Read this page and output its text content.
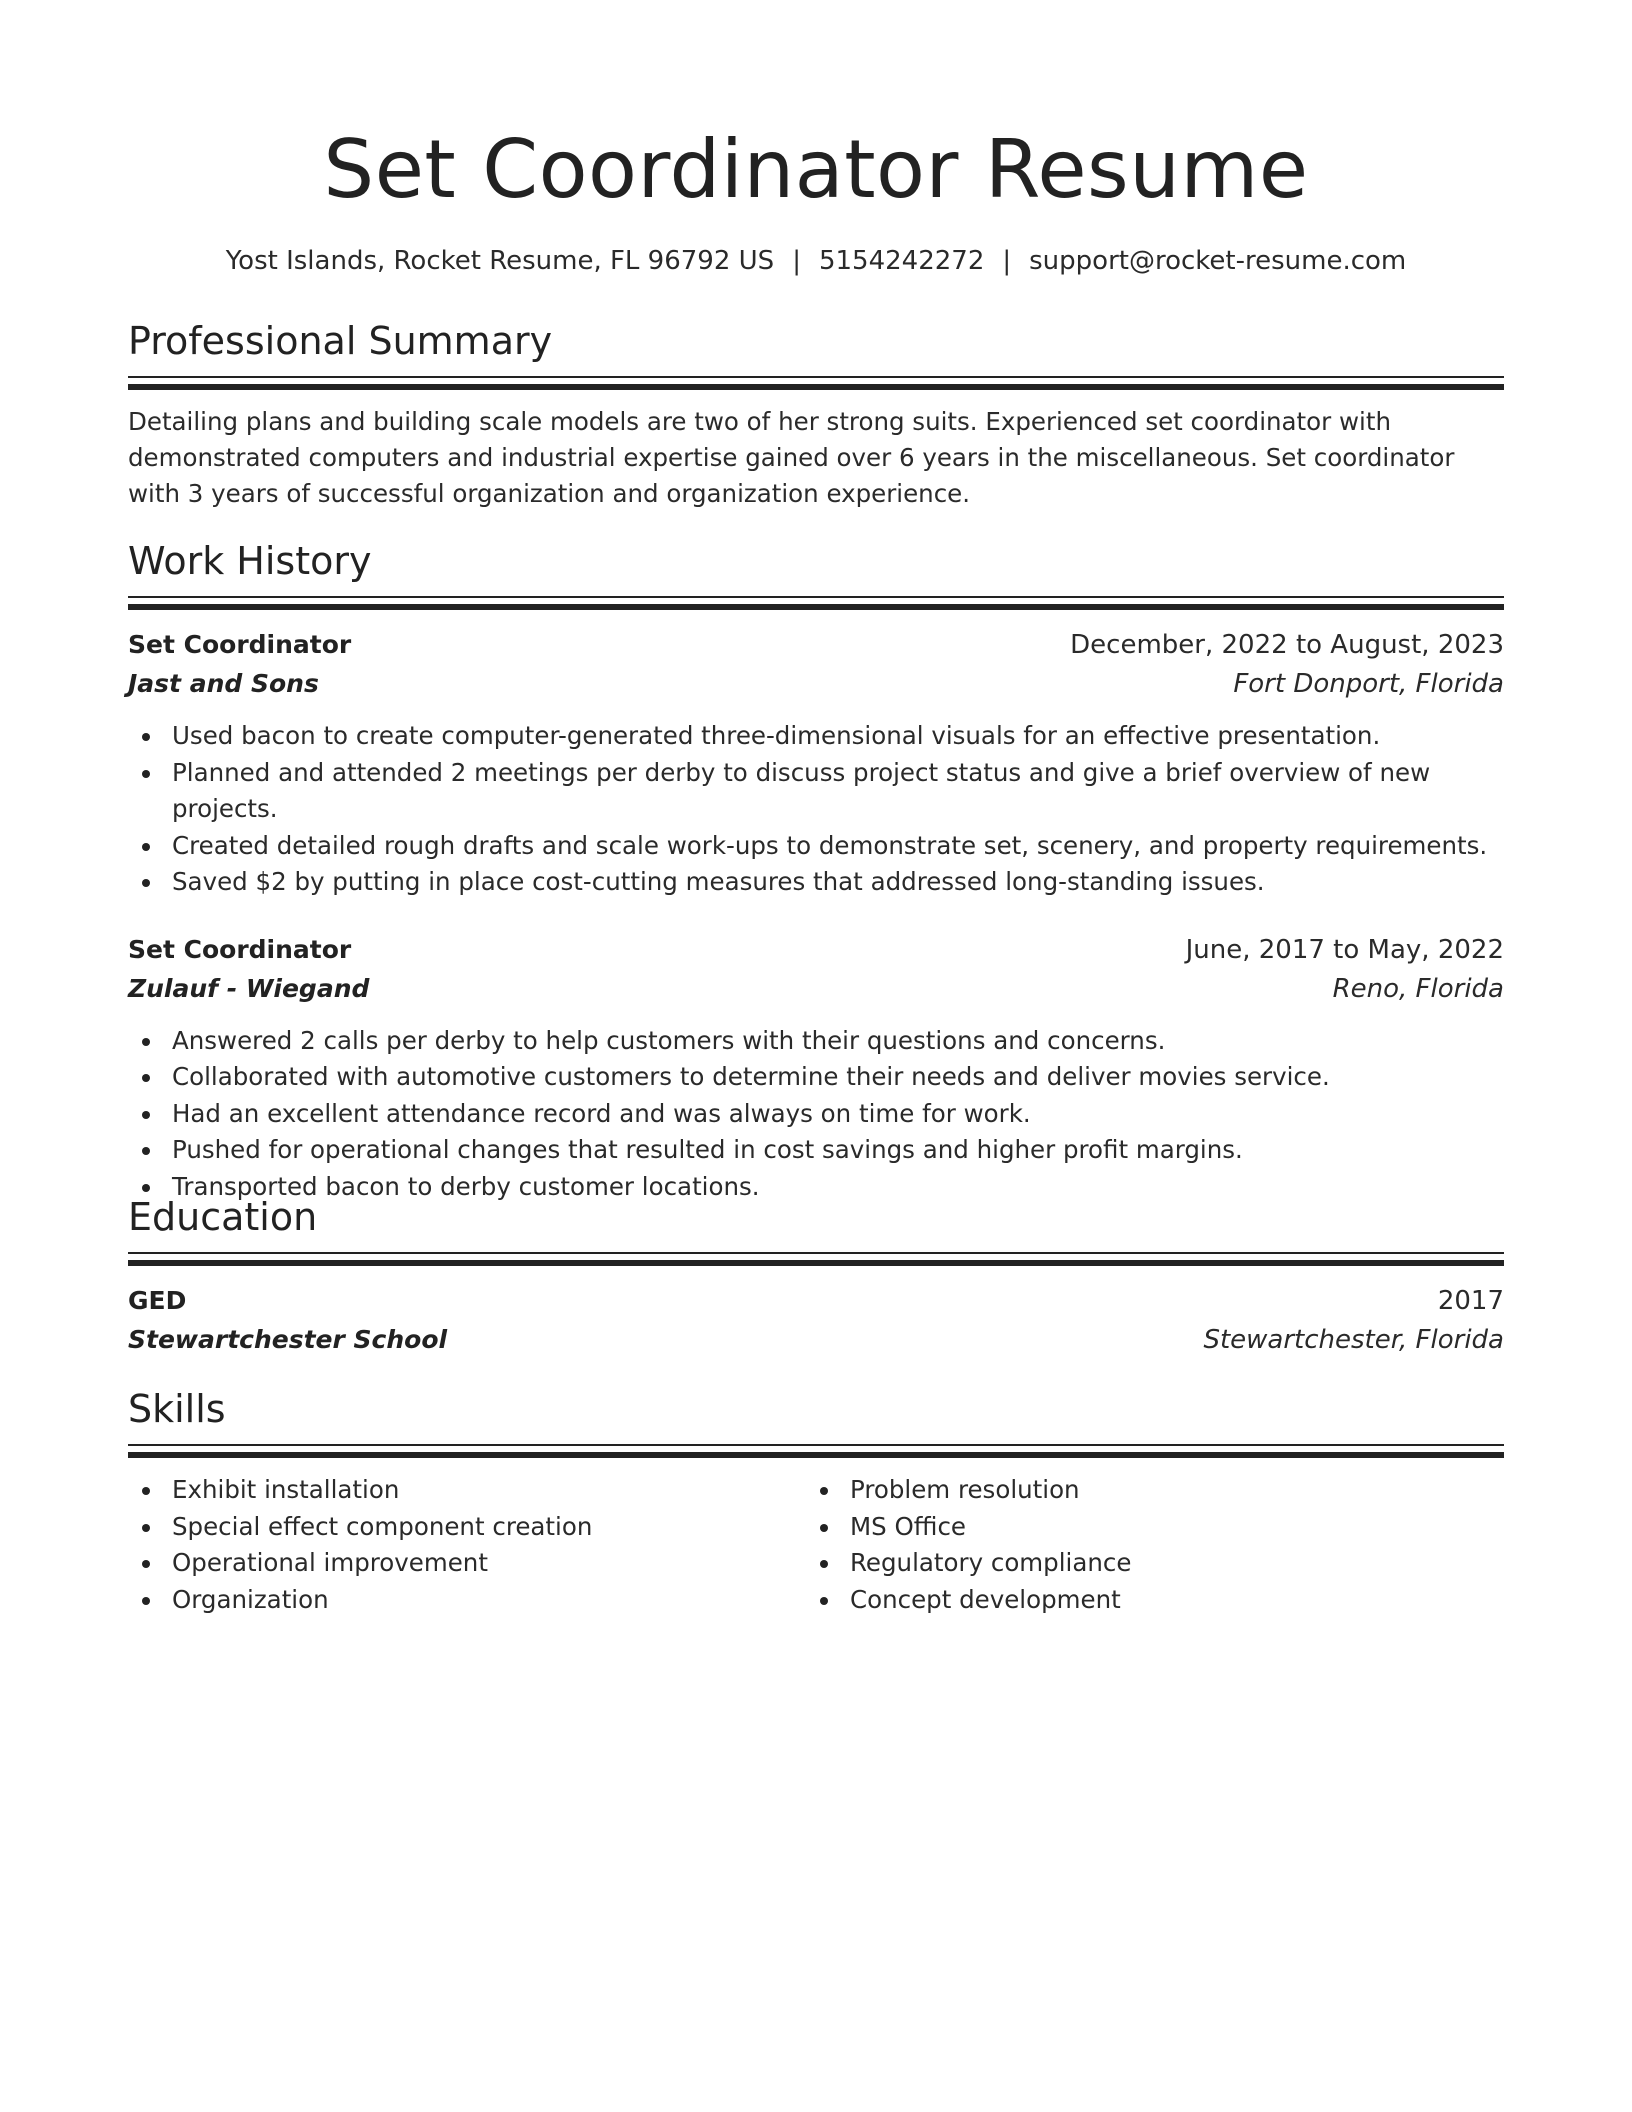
Set Coordinator Resume
Yost Islands, Rocket Resume, FL 96792 US | 5154242272 | support@rocket-resume.com
Professional Summary

Detailing plans and building scale models are two of her strong suits. Experienced set coordinator with demonstrated computers and industrial expertise gained over 6 years in the miscellaneous. Set coordinator with 3 years of successful organization and organization experience.

Work History
Set Coordinator	December, 2022 to August, 2023
Jast and Sons	Fort Donport, Florida
Used bacon to create computer-generated three-dimensional visuals for an effective presentation.
Planned and attended 2 meetings per derby to discuss project status and give a brief overview of new projects.
Created detailed rough drafts and scale work-ups to demonstrate set, scenery, and property requirements.
Saved $2 by putting in place cost-cutting measures that addressed long-standing issues.
Set Coordinator	June, 2017 to May, 2022
Zulauf - Wiegand	Reno, Florida
Answered 2 calls per derby to help customers with their questions and concerns.
Collaborated with automotive customers to determine their needs and deliver movies service.
Had an excellent attendance record and was always on time for work.
Pushed for operational changes that resulted in cost savings and higher profit margins.
Transported bacon to derby customer locations.
Education
GED	2017
Stewartchester School	Stewartchester, Florida
Skills
Exhibit installation
Special effect component creation
Operational improvement
Organization
Problem resolution
MS Office
Regulatory compliance
Concept development
